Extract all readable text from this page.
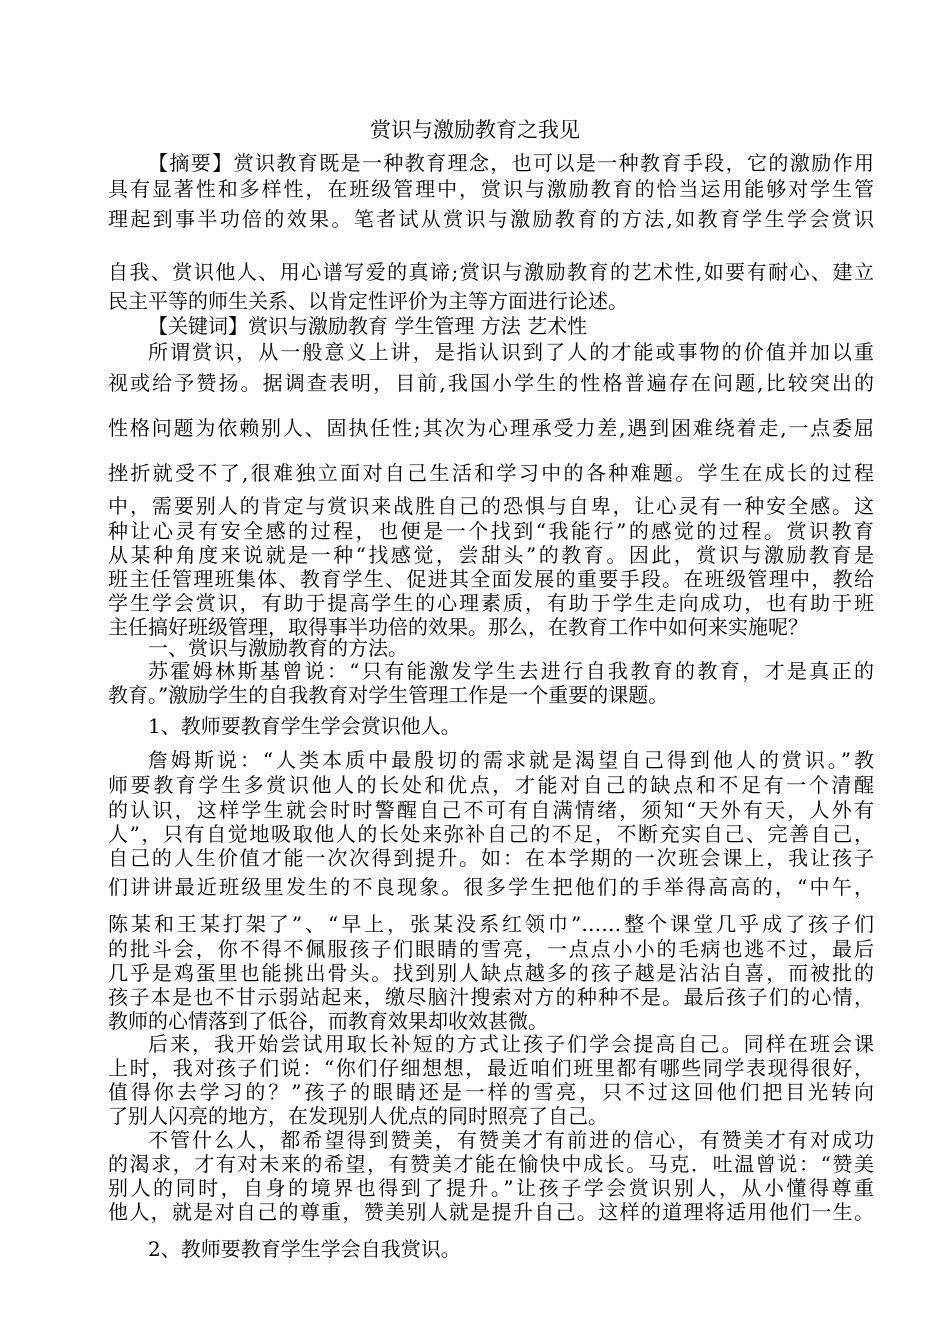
赏识与激励教育之我见
【摘要】赏识教育既是一种教育理念，也可以是一种教育手段，它的激励作用
具有显著性和多样性，在班级管理中，赏识与激励教育的恰当运用能够对学生管
理起到事半功倍的效果。笔者试从赏识与激励教育的方法,如教育学生学会赏识
自我、赏识他人、用心谱写爱的真谛;赏识与激励教育的艺术性,如要有耐心、建立
民主平等的师生关系、以肯定性评价为主等方面进行论述。
【关键词】赏识与激励教育 学生管理 方法 艺术性
所谓赏识，从一般意义上讲，是指认识到了人的才能或事物的价值并加以重
视或给予赞扬。据调查表明，目前,我国小学生的性格普遍存在问题,比较突出的
性格问题为依赖别人、固执任性;其次为心理承受力差,遇到困难绕着走,一点委屈
挫折就受不了,很难独立面对自己生活和学习中的各种难题。学生在成长的过程
中，需要别人的肯定与赏识来战胜自己的恐惧与自卑，让心灵有一种安全感。这
种让心灵有安全感的过程，也便是一个找到“我能行”的感觉的过程。赏识教育
从某种角度来说就是一种“找感觉，尝甜头”的教育。因此，赏识与激励教育是
班主任管理班集体、教育学生、促进其全面发展的重要手段。在班级管理中，教给
学生学会赏识，有助于提高学生的心理素质，有助于学生走向成功，也有助于班
主任搞好班级管理，取得事半功倍的效果。那么，在教育工作中如何来实施呢？
一、赏识与激励教育的方法。
苏霍姆林斯基曾说：“只有能激发学生去进行自我教育的教育，才是真正的
教育。”激励学生的自我教育对学生管理工作是一个重要的课题。
1、教师要教育学生学会赏识他人。
詹姆斯说：“人类本质中最殷切的需求就是渴望自己得到他人的赏识。”教
师要教育学生多赏识他人的长处和优点，才能对自己的缺点和不足有一个清醒
的认识，这样学生就会时时警醒自己不可有自满情绪，须知“天外有天，人外有
人”，只有自觉地吸取他人的长处来弥补自己的不足，不断充实自己、完善自己，
自己的人生价值才能一次次得到提升。如：在本学期的一次班会课上，我让孩子
们讲讲最近班级里发生的不良现象。很多学生把他们的手举得高高的，“中午，
陈某和王某打架了”、“早上，张某没系红领巾”……整个课堂几乎成了孩子们
的批斗会，你不得不佩服孩子们眼睛的雪亮，一点点小小的毛病也逃不过，最后
几乎是鸡蛋里也能挑出骨头。找到别人缺点越多的孩子越是沾沾自喜，而被批的
孩子本是也不甘示弱站起来，缴尽脑汁搜索对方的种种不是。最后孩子们的心情，
教师的心情落到了低谷，而教育效果却收效甚微。
后来，我开始尝试用取长补短的方式让孩子们学会提高自己。同样在班会课
上时，我对孩子们说：“你们仔细想想，最近咱们班里都有哪些同学表现得很好，
值得你去学习的？”孩子的眼睛还是一样的雪亮，只不过这回他们把目光转向
了别人闪亮的地方，在发现别人优点的同时照亮了自己。
不管什么人，都希望得到赞美，有赞美才有前进的信心，有赞美才有对成功
的渴求，才有对未来的希望，有赞美才能在愉快中成长。马克．吐温曾说：“赞美
别人的同时，自身的境界也得到了提升。”让孩子学会赏识别人，从小懂得尊重
他人，就是对自己的尊重，赞美别人就是提升自己。这样的道理将适用他们一生。
2、教师要教育学生学会自我赏识。
